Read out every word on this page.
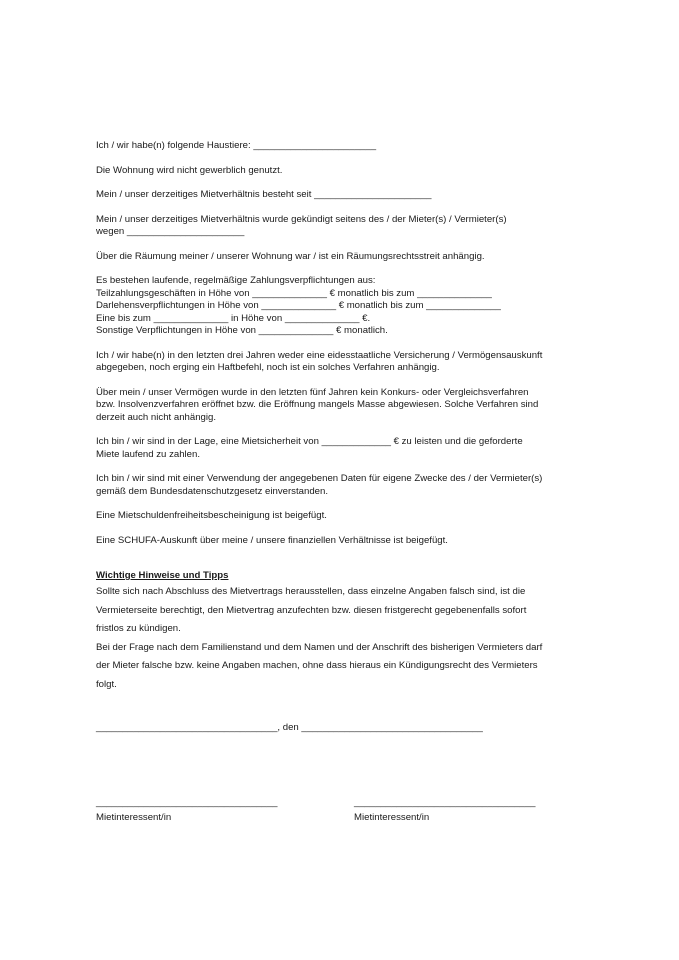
Ich / wir habe(n) folgende Haustiere: _______________________
Die Wohnung wird nicht gewerblich genutzt.
Mein / unser derzeitiges Mietverhältnis besteht seit ______________________
Mein / unser derzeitiges Mietverhältnis wurde gekündigt seitens des / der Mieter(s) / Vermieter(s)
wegen ______________________
Über die Räumung meiner / unserer Wohnung war / ist ein Räumungsrechtsstreit anhängig.
Es bestehen laufende, regelmäßige Zahlungsverpflichtungen aus:
Teilzahlungsgeschäften in Höhe von ______________ € monatlich bis zum ______________
Darlehensverpflichtungen in Höhe von ______________ € monatlich bis zum ______________
Eine bis zum ______________ in Höhe von ______________ €.
Sonstige Verpflichtungen in Höhe von ______________ € monatlich.
Ich / wir habe(n) in den letzten drei Jahren weder eine eidesstaatliche Versicherung / Vermögensauskunft
abgegeben, noch erging ein Haftbefehl, noch ist ein solches Verfahren anhängig.
Über mein / unser Vermögen wurde in den letzten fünf Jahren kein Konkurs- oder Vergleichsverfahren
bzw. Insolvenzverfahren eröffnet bzw. die Eröffnung mangels Masse abgewiesen. Solche Verfahren sind
derzeit auch nicht anhängig.
Ich bin / wir sind in der Lage, eine Mietsicherheit von _____________ € zu leisten und die geforderte
Miete laufend zu zahlen.
Ich bin / wir sind mit einer Verwendung der angegebenen Daten für eigene Zwecke des / der Vermieter(s)
gemäß dem Bundesdatenschutzgesetz einverstanden.
Eine Mietschuldenfreiheitsbescheinigung ist beigefügt.
Eine SCHUFA-Auskunft über meine / unsere finanziellen Verhältnisse ist beigefügt.

Wichtige Hinweise und Tipps

Sollte sich nach Abschluss des Mietvertrags herausstellen, dass einzelne Angaben falsch sind, ist die
Vermieterseite berechtigt, den Mietvertrag anzufechten bzw. diesen fristgerecht gegebenenfalls sofort
fristlos zu kündigen.
Bei der Frage nach dem Familienstand und dem Namen und der Anschrift des bisherigen Vermieters darf
der Mieter falsche bzw. keine Angaben machen, ohne dass hieraus ein Kündigungsrecht des Vermieters
folgt.
__________________________________, den __________________________________
__________________________________	__________________________________
Mietinteressent/in	Mietinteressent/in
